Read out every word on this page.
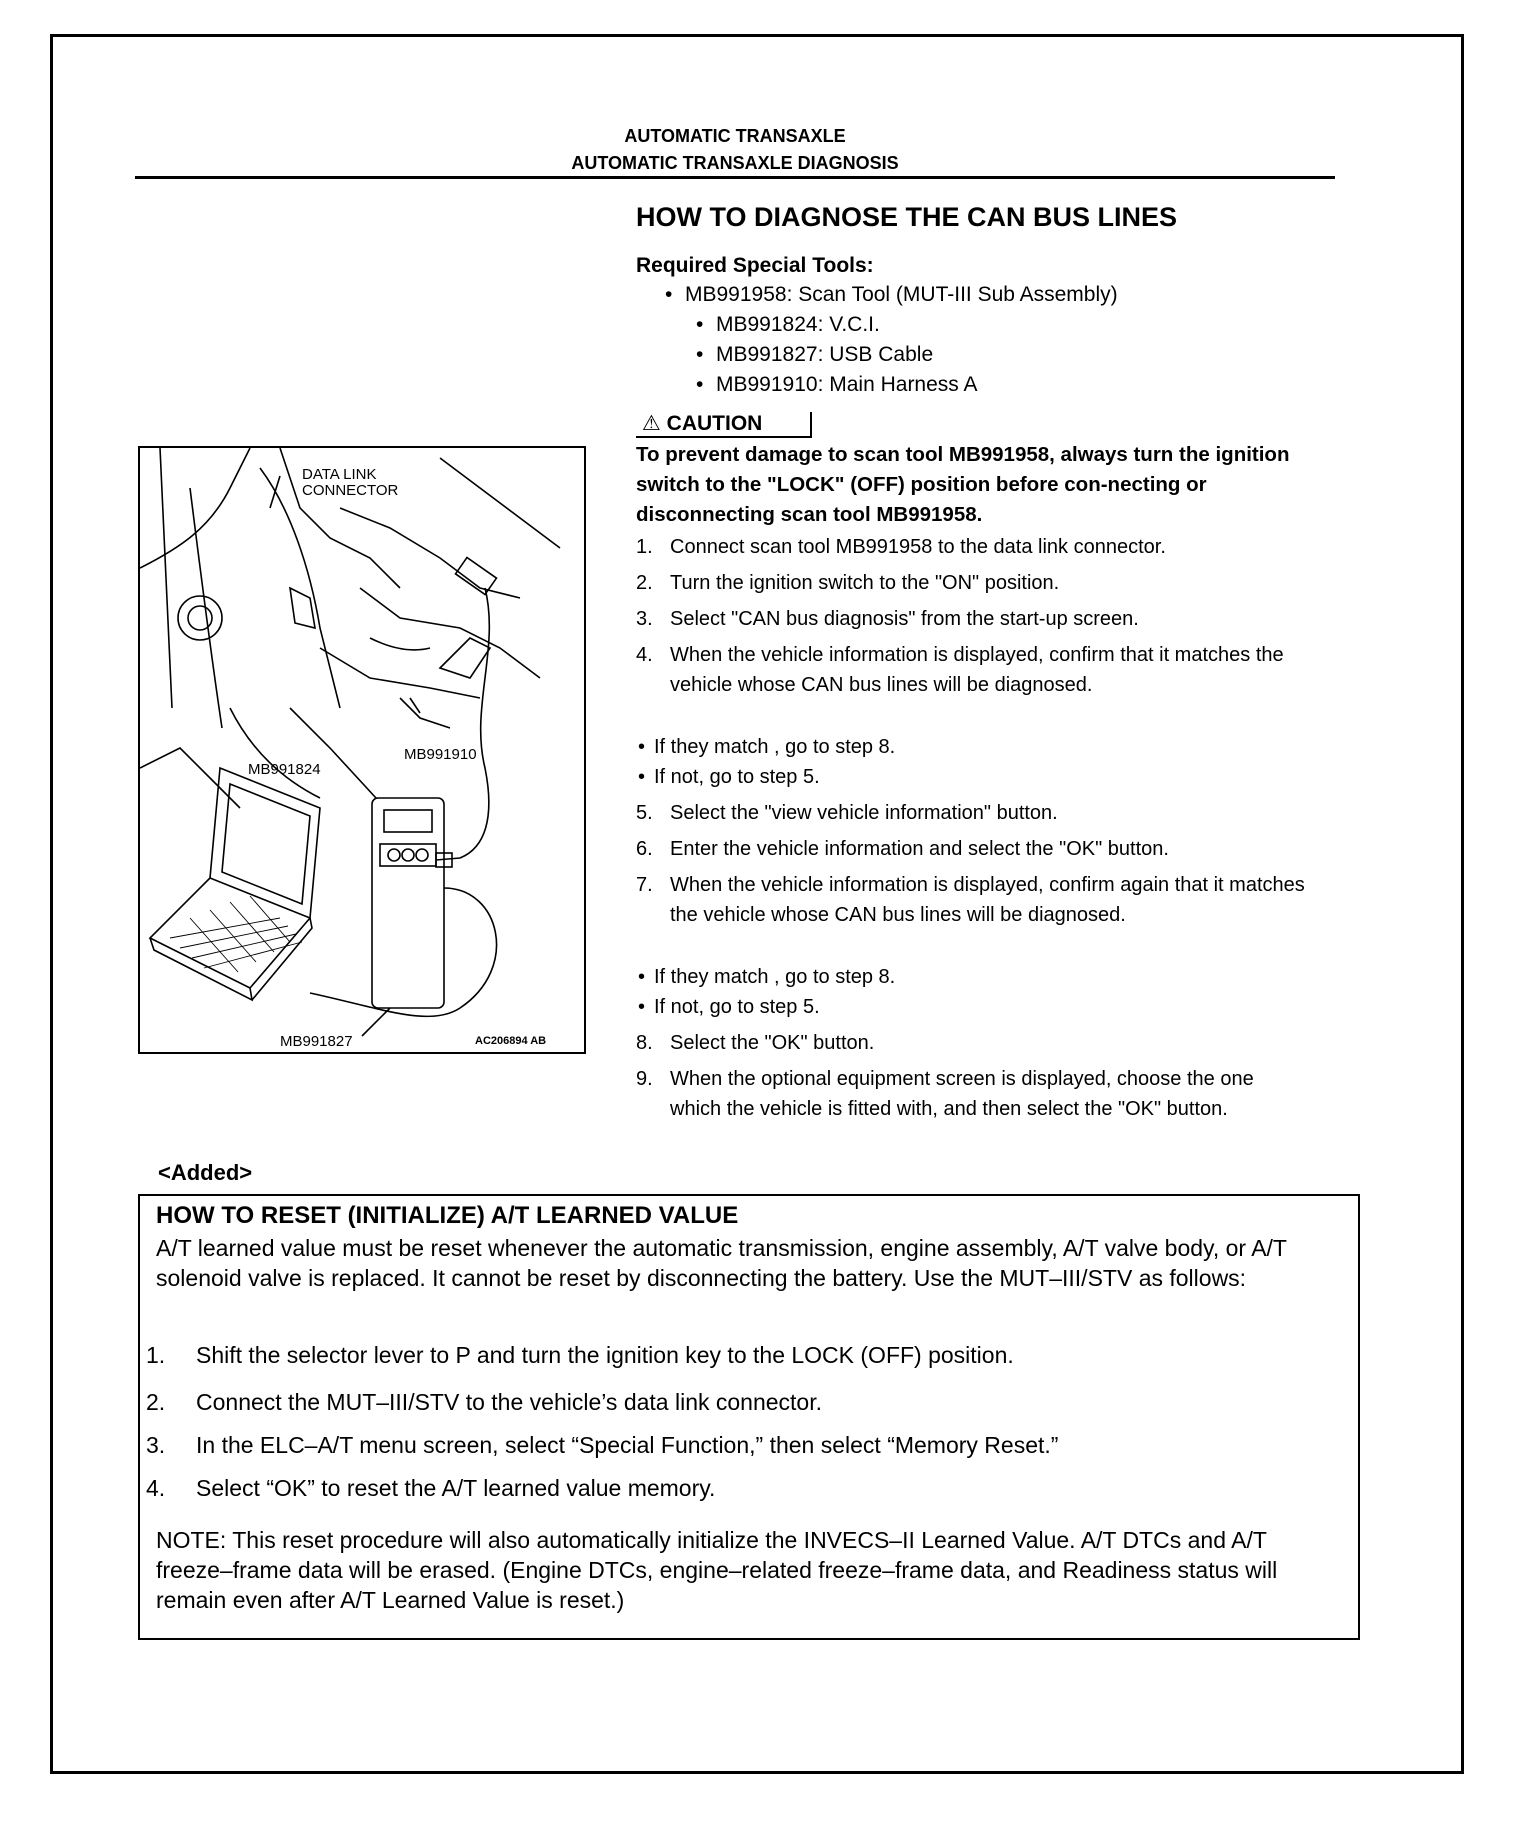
AUTOMATIC TRANSAXLE
AUTOMATIC TRANSAXLE DIAGNOSIS
HOW TO DIAGNOSE THE CAN BUS LINES
Required Special Tools:
• MB991958: Scan Tool (MUT-III Sub Assembly)
• MB991824: V.C.I.
• MB991827: USB Cable
• MB991910: Main Harness A
⚠ CAUTION
To prevent damage to scan tool MB991958, always turn the ignition switch to the "LOCK" (OFF) position before con-necting or disconnecting scan tool MB991958.
1. Connect scan tool MB991958 to the data link connector.
2. Turn the ignition switch to the "ON" position.
3. Select "CAN bus diagnosis" from the start-up screen.
4. When the vehicle information is displayed, confirm that it matches the vehicle whose CAN bus lines will be diagnosed.
• If they match , go to step 8.
• If not, go to step 5.
5. Select the "view vehicle information" button.
6. Enter the vehicle information and select the "OK" button.
7. When the vehicle information is displayed, confirm again that it matches the vehicle whose CAN bus lines will be diagnosed.
• If they match , go to step 8.
• If not, go to step 5.
8. Select the "OK" button.
9. When the optional equipment screen is displayed, choose the one which the vehicle is fitted with, and then select the "OK" button.
DATA LINK
CONNECTOR
MB991824
MB991910
MB991827	AC206894 AB
<Added>
HOW TO RESET (INITIALIZE) A/T LEARNED VALUE
A/T learned value must be reset whenever the automatic transmission, engine assembly, A/T valve body, or A/T solenoid valve is replaced. It cannot be reset by disconnecting the battery. Use the MUT–III/STV as follows:
1. Shift the selector lever to P and turn the ignition key to the LOCK (OFF) position.
2. Connect the MUT–III/STV to the vehicle’s data link connector.
3. In the ELC–A/T menu screen, select “Special Function,” then select “Memory Reset.”
4. Select “OK” to reset the A/T learned value memory.
NOTE: This reset procedure will also automatically initialize the INVECS–II Learned Value. A/T DTCs and A/T freeze–frame data will be erased. (Engine DTCs, engine–related freeze–frame data, and Readiness status will remain even after A/T Learned Value is reset.)
